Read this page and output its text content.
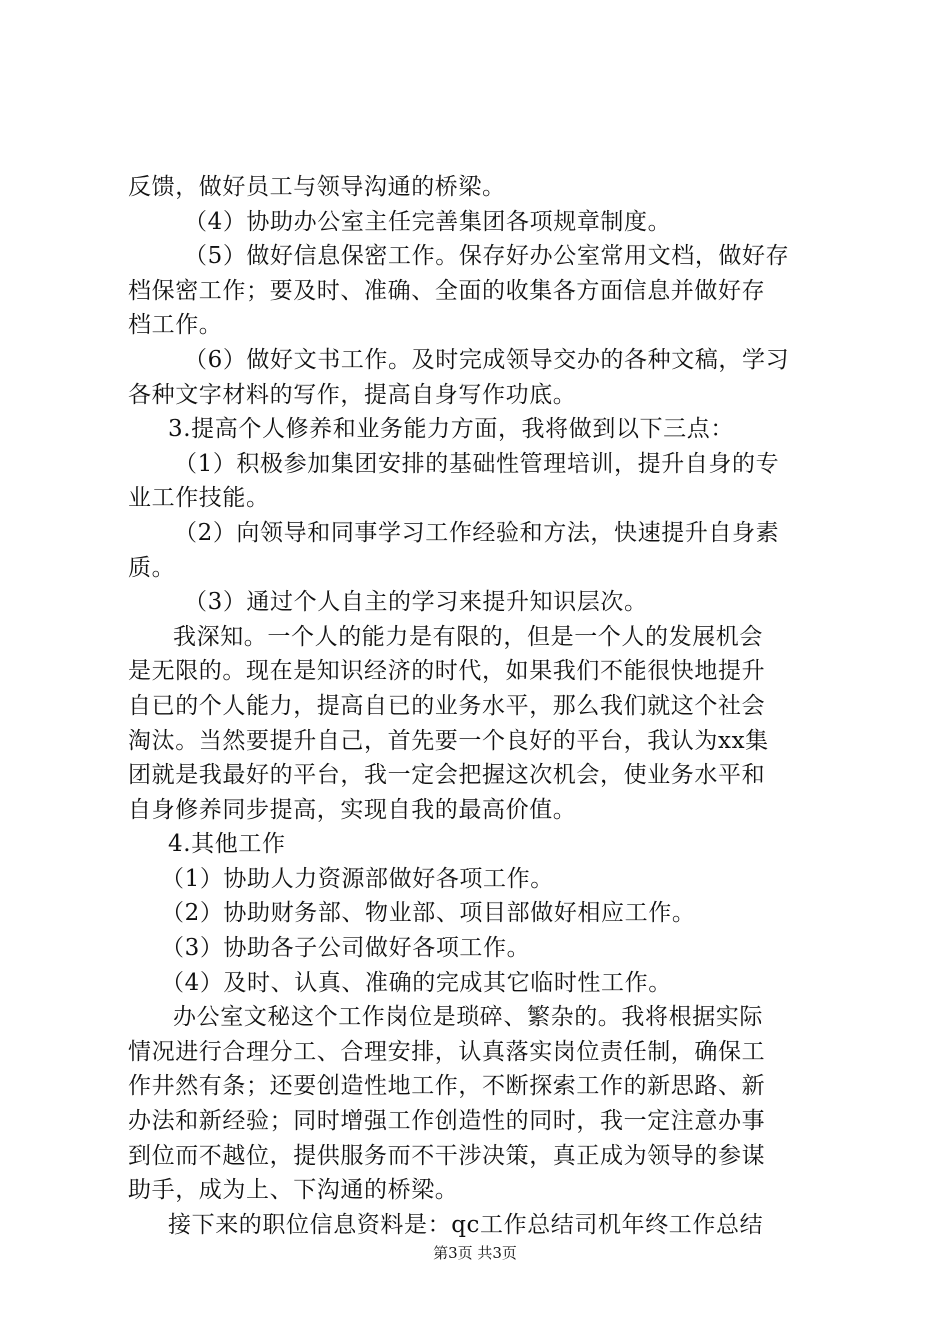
反馈，做好员工与领导沟通的桥梁。
（4）协助办公室主任完善集团各项规章制度。
（5）做好信息保密工作。保存好办公室常用文档，做好存
档保密工作；要及时、准确、全面的收集各方面信息并做好存
档工作。
（6）做好文书工作。及时完成领导交办的各种文稿，学习
各种文字材料的写作，提高自身写作功底。
3.提高个人修养和业务能力方面，我将做到以下三点：
（1）积极参加集团安排的基础性管理培训，提升自身的专
业工作技能。
（2）向领导和同事学习工作经验和方法，快速提升自身素
质。
（3）通过个人自主的学习来提升知识层次。
我深知。一个人的能力是有限的，但是一个人的发展机会
是无限的。现在是知识经济的时代，如果我们不能很快地提升
自已的个人能力，提高自已的业务水平，那么我们就这个社会
淘汰。当然要提升自己，首先要一个良好的平台，我认为xx集
团就是我最好的平台，我一定会把握这次机会，使业务水平和
自身修养同步提高，实现自我的最高价值。
4.其他工作
（1）协助人力资源部做好各项工作。
（2）协助财务部、物业部、项目部做好相应工作。
（3）协助各子公司做好各项工作。
（4）及时、认真、准确的完成其它临时性工作。
办公室文秘这个工作岗位是琐碎、繁杂的。我将根据实际
情况进行合理分工、合理安排，认真落实岗位责任制，确保工
作井然有条；还要创造性地工作，不断探索工作的新思路、新
办法和新经验；同时增强工作创造性的同时，我一定注意办事
到位而不越位，提供服务而不干涉决策，真正成为领导的参谋
助手，成为上、下沟通的桥梁。
接下来的职位信息资料是：qc工作总结司机年终工作总结
第3页 共3页
